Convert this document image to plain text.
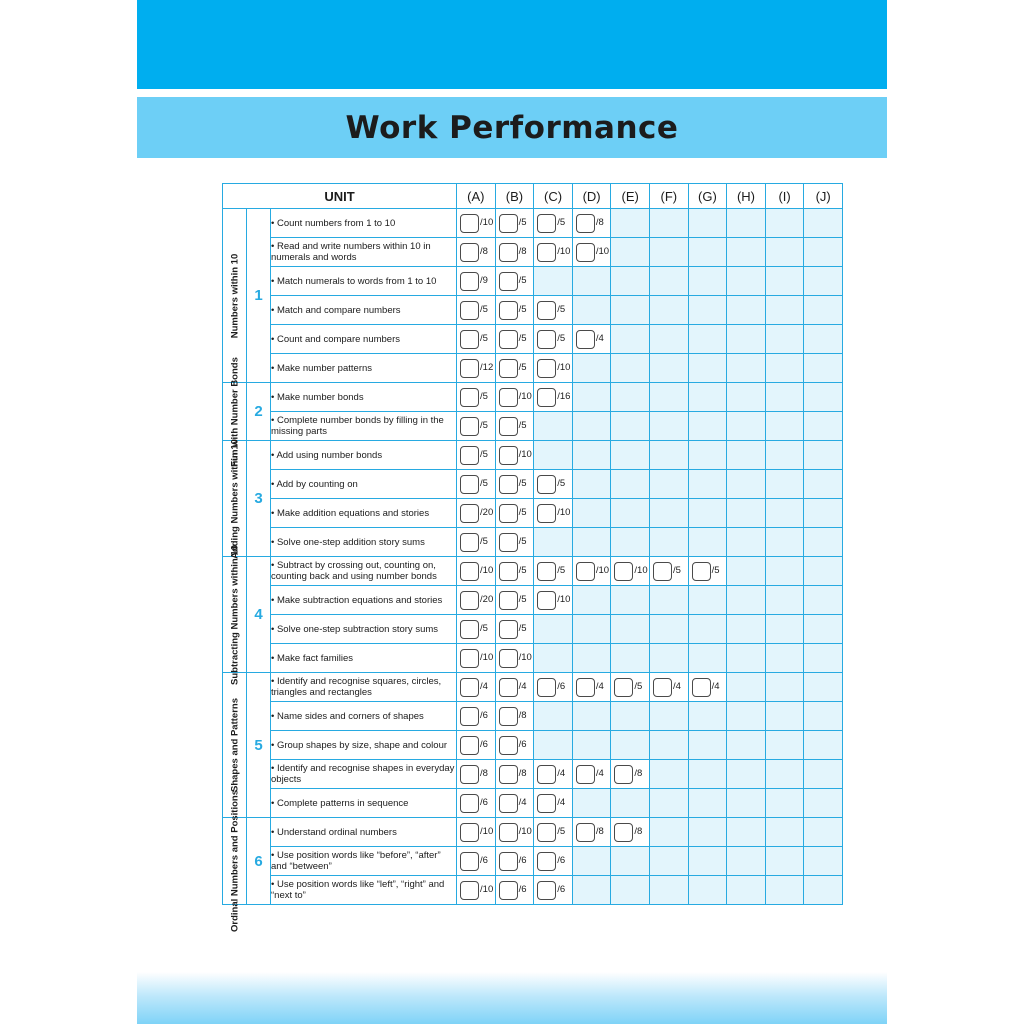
Work Performance
UNIT			(A)	(B)	(C)	(D)	(E)	(F)	(G)	(H)	(I)	(J)

Numbers within 10	1	• Count numbers from 1 to 10	/10	/5	/5	/8						

		• Read and write numbers within 10 in numerals and words	/8	/8	/10	/10						

		• Match numerals to words from 1 to 10	/9	/5								

		• Match and compare numbers	/5	/5	/5							

		• Count and compare numbers	/5	/5	/5	/4						

		• Make number patterns	/12	/5	/10							

Fun with Number Bonds	2	• Make number bonds	/5	/10	/16							

		• Complete number bonds by filling in the missing parts	/5	/5								

Adding Numbers within 10	3	• Add using number bonds	/5	/10								

		• Add by counting on	/5	/5	/5							

		• Make addition equations and stories	/20	/5	/10							

		• Solve one-step addition story sums	/5	/5								

Subtracting Numbers within 10	4	• Subtract by crossing out, counting on, counting back and using number bonds	/10	/5	/5	/10	/10	/5	/5			

		• Make subtraction equations and stories	/20	/5	/10							

		• Solve one-step subtraction story sums	/5	/5								

		• Make fact families	/10	/10								

Shapes and Patterns	5	• Identify and recognise squares, circles, triangles and rectangles	/4	/4	/6	/4	/5	/4	/4			

		• Name sides and corners of shapes	/6	/8								

		• Group shapes by size, shape and colour	/6	/6								

		• Identify and recognise shapes in everyday objects	/8	/8	/4	/4	/8					

		• Complete patterns in sequence	/6	/4	/4							

Ordinal Numbers and Positions	6	• Understand ordinal numbers	/10	/10	/5	/8	/8					

		• Use position words like “before”, “after” and “between”	/6	/6	/6							

		• Use position words like “left”, “right” and “next to”	/10	/6	/6							
